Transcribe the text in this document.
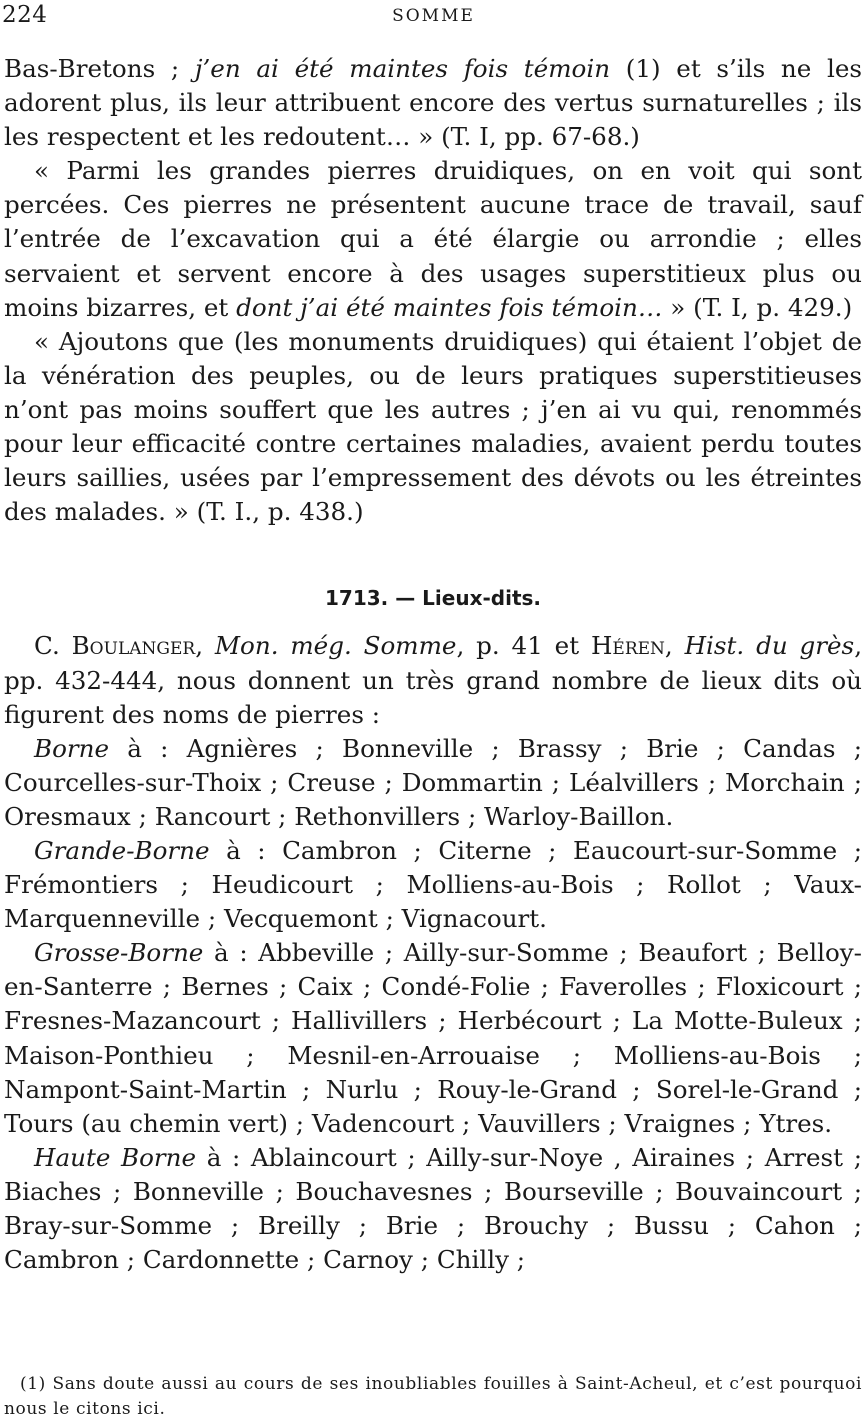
224	SOMME

Bas-Bretons ; j’en ai été maintes fois témoin (1) et s’ils ne les adorent plus, ils leur attribuent encore des vertus surnaturelles ; ils les respectent et les redoutent… » (T. I, pp. 67-68.)

« Parmi les grandes pierres druidiques, on en voit qui sont percées. Ces pierres ne présentent aucune trace de travail, sauf l’entrée de l’excavation qui a été élargie ou arrondie ; elles servaient et servent encore à des usages superstitieux plus ou moins bizarres, et dont j’ai été maintes fois témoin… » (T. I, p. 429.)

« Ajoutons que (les monuments druidiques) qui étaient l’objet de la vénération des peuples, ou de leurs pratiques superstitieuses n’ont pas moins souffert que les autres ; j’en ai vu qui, renommés pour leur efficacité contre certaines maladies, avaient perdu toutes leurs saillies, usées par l’empressement des dévots ou les étreintes des malades. » (T. I., p. 438.)

1713. — Lieux-dits.

C. Boulanger, Mon. még. Somme, p. 41 et Héren, Hist. du grès, pp. 432-444, nous donnent un très grand nombre de lieux dits où figurent des noms de pierres :

Borne à : Agnières ; Bonneville ; Brassy ; Brie ; Candas ; Courcelles-sur-Thoix ; Creuse ; Dommartin ; Léalvillers ; Morchain ; Oresmaux ; Rancourt ; Rethonvillers ; Warloy-Baillon.

Grande-Borne à : Cambron ; Citerne ; Eaucourt-sur-Somme ; Frémontiers ; Heudicourt ; Molliens-au-Bois ; Rollot ; Vaux-Marquenneville ; Vecquemont ; Vignacourt.

Grosse-Borne à : Abbeville ; Ailly-sur-Somme ; Beaufort ; Belloy-en-Santerre ; Bernes ; Caix ; Condé-Folie ; Faverolles ; Floxicourt ; Fresnes-Mazancourt ; Hallivillers ; Herbécourt ; La Motte-Buleux ; Maison-Ponthieu ; Mesnil-en-Arrouaise ; Molliens-au-Bois ; Nampont-Saint-Martin ; Nurlu ; Rouy-le-Grand ; Sorel-le-Grand ; Tours (au chemin vert) ; Vadencourt ; Vauvillers ; Vraignes ; Ytres.

Haute Borne à : Ablaincourt ; Ailly-sur-Noye , Airaines ; Arrest ; Biaches ; Bonneville ; Bouchavesnes ; Bourseville ; Bouvaincourt ; Bray-sur-Somme ; Breilly ; Brie ; Brouchy ; Bussu ; Cahon ; Cambron ; Cardonnette ; Carnoy ; Chilly ;

(1) Sans doute aussi au cours de ses inoubliables fouilles à Saint-Acheul, et c’est pourquoi nous le citons ici.
